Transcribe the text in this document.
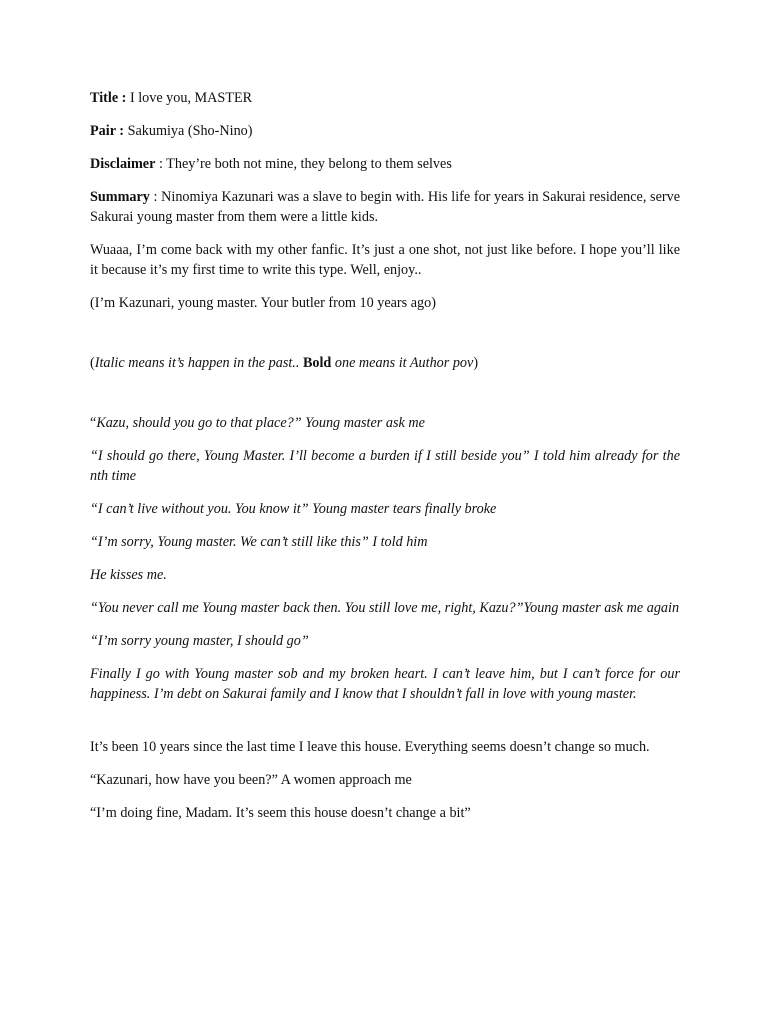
Title : I love you, MASTER

Pair : Sakumiya (Sho-Nino)

Disclaimer : They’re both not mine, they belong to them selves

Summary : Ninomiya Kazunari was a slave to begin with. His life for years in Sakurai residence, serve Sakurai young master from them were a little kids.

Wuaaa, I’m come back with my other fanfic. It’s just a one shot, not just like before. I hope you’ll like it because it’s my first time to write this type. Well, enjoy..

(I’m Kazunari, young master. Your butler from 10 years ago)

(Italic means it’s happen in the past.. Bold one means it Author pov)

“Kazu, should you go to that place?” Young master ask me

“I should go there, Young Master. I’ll become a burden if I still beside you” I told him already for the nth time

“I can’t live without you. You know it” Young master tears finally broke

“I’m sorry, Young master. We can’t still like this” I told him

He kisses me.

“You never call me Young master back then. You still love me, right, Kazu?”Young master ask me again

“I’m sorry young master, I should go”

Finally I go with Young master sob and my broken heart. I can’t leave him, but I can’t force for our happiness. I’m debt on Sakurai family and I know that I shouldn’t fall in love with young master.

It’s been 10 years since the last time I leave this house. Everything seems doesn’t change so much.

“Kazunari, how have you been?” A women approach me

“I’m doing fine, Madam. It’s seem this house doesn’t change a bit”
